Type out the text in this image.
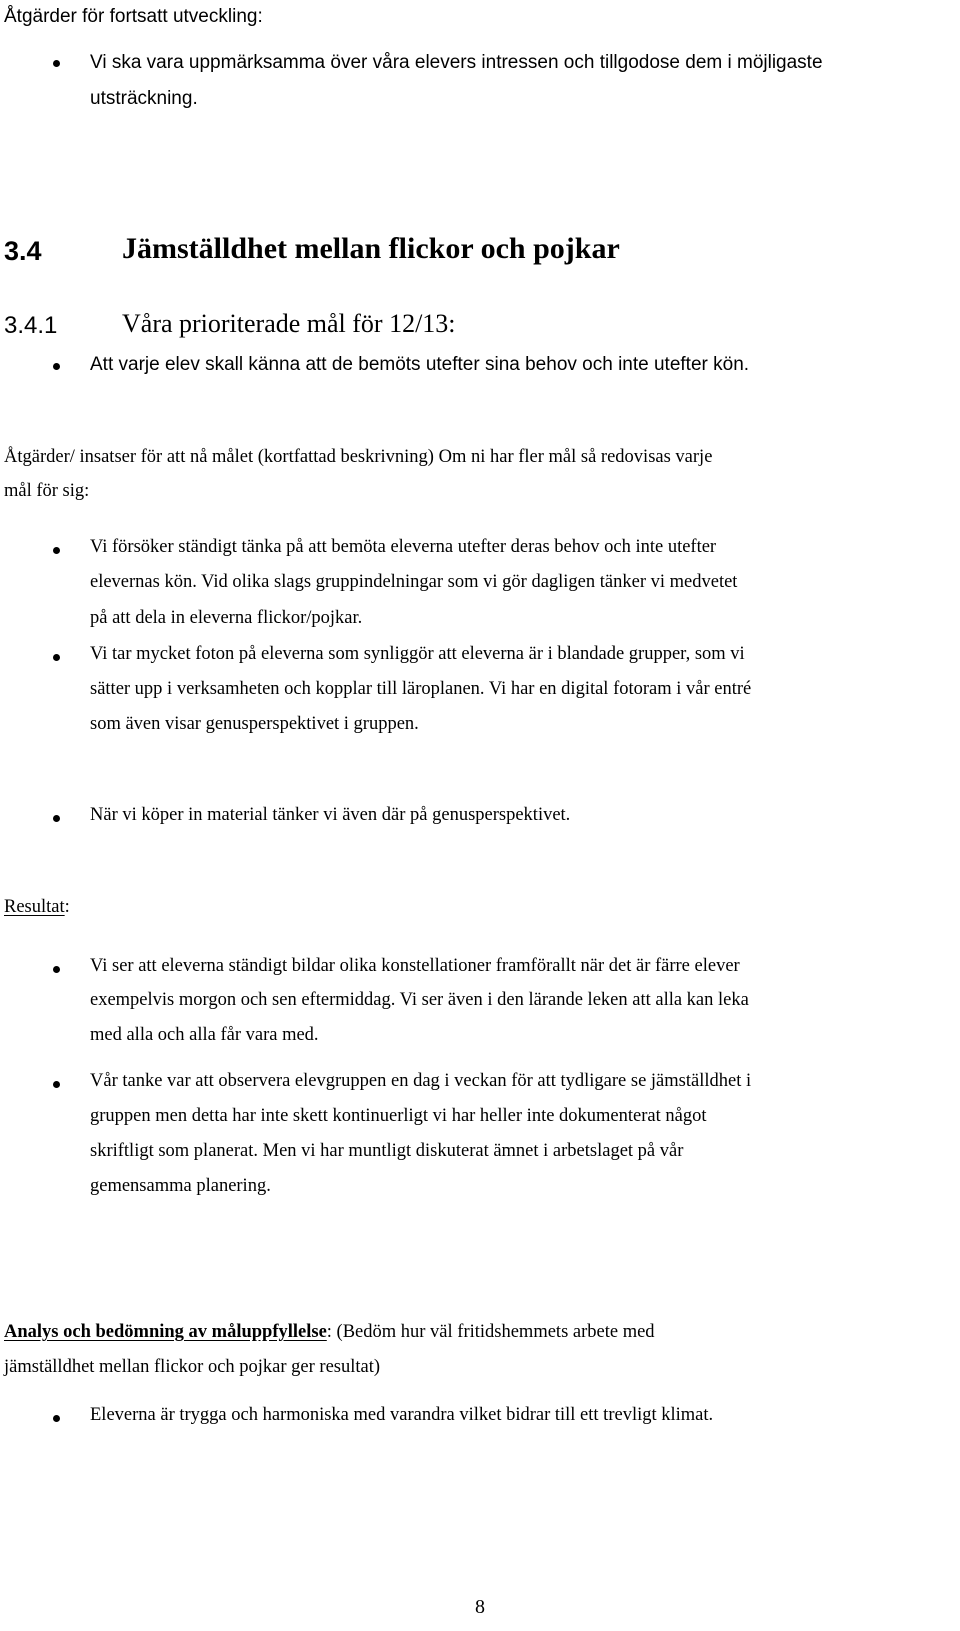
Åtgärder för fortsatt utveckling:
Vi ska vara uppmärksamma över våra elevers intressen och tillgodose dem i möjligaste
utsträckning.
3.4	Jämställdhet mellan flickor och pojkar
3.4.1 Våra prioriterade mål för 12/13:
Att varje elev skall känna att de bemöts utefter sina behov och inte utefter kön.
Åtgärder/ insatser för att nå målet (kortfattad beskrivning) Om ni har fler mål så redovisas varje
mål för sig:
Vi försöker ständigt tänka på att bemöta eleverna utefter deras behov och inte utefter
elevernas kön. Vid olika slags gruppindelningar som vi gör dagligen tänker vi medvetet
på att dela in eleverna flickor/pojkar.
Vi tar mycket foton på eleverna som synliggör att eleverna är i blandade grupper, som vi
sätter upp i verksamheten och kopplar till läroplanen. Vi har en digital fotoram i vår entré
som även visar genusperspektivet i gruppen.
När vi köper in material tänker vi även där på genusperspektivet.
Resultat:
Vi ser att eleverna ständigt bildar olika konstellationer framförallt när det är färre elever
exempelvis morgon och sen eftermiddag. Vi ser även i den lärande leken att alla kan leka
med alla och alla får vara med.
Vår tanke var att observera elevgruppen en dag i veckan för att tydligare se jämställdhet i
gruppen men detta har inte skett kontinuerligt vi har heller inte dokumenterat något
skriftligt som planerat. Men vi har muntligt diskuterat ämnet i arbetslaget på vår
gemensamma planering.
Analys och bedömning av måluppfyllelse: (Bedöm hur väl fritidshemmets arbete med
jämställdhet mellan flickor och pojkar ger resultat)
Eleverna är trygga och harmoniska med varandra vilket bidrar till ett trevligt klimat.
8
